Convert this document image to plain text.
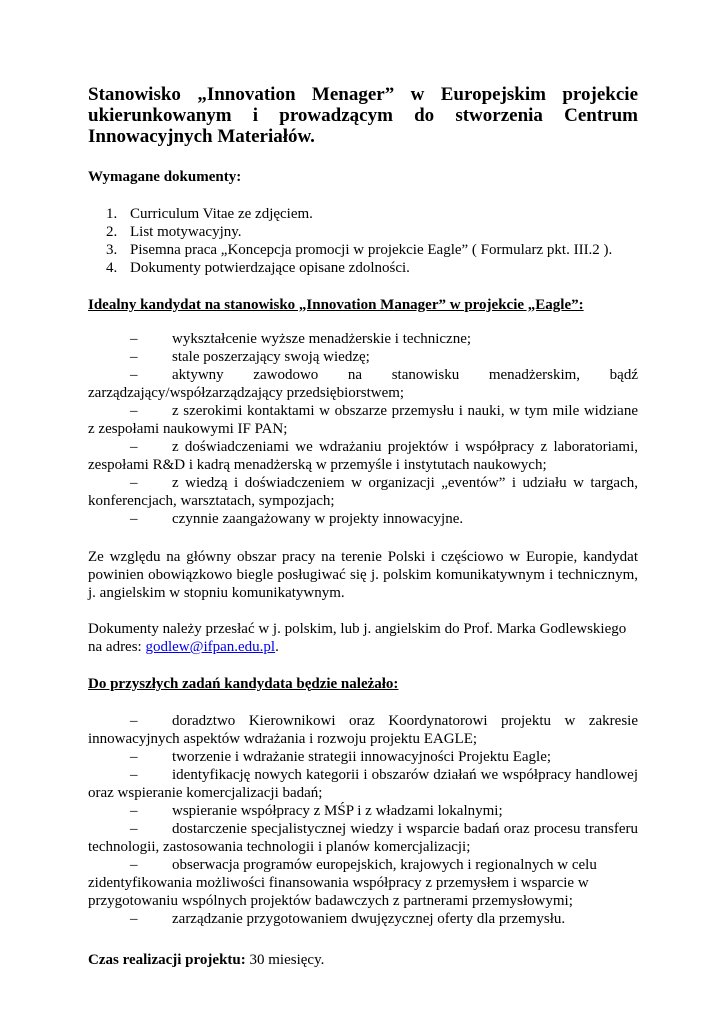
Stanowisko „Innovation Menager” w Europejskim projekcie ukierunkowanym i prowadzącym do stworzenia Centrum Innowacyjnych Materiałów.

Wymagane dokumenty:

1. Curriculum Vitae ze zdjęciem.
2. List motywacyjny.
3. Pisemna praca „Koncepcja promocji w projekcie Eagle” ( Formularz pkt. III.2 ).
4. Dokumenty potwierdzające opisane zdolności.

Idealny kandydat na stanowisko „Innovation Manager” w projekcie „Eagle”:

– wykształcenie wyższe menadżerskie i techniczne;
– stale poszerzający swoją wiedzę;
– aktywny zawodowo na stanowisku menadżerskim, bądź zarządzający/współzarządzający przedsiębiorstwem;
– z szerokimi kontaktami w obszarze przemysłu i nauki, w tym mile widziane z zespołami naukowymi IF PAN;
– z doświadczeniami we wdrażaniu projektów i współpracy z laboratoriami, zespołami R&D i kadrą menadżerską w przemyśle i instytutach naukowych;
– z wiedzą i doświadczeniem w organizacji „eventów” i udziału w targach, konferencjach, warsztatach, sympozjach;
– czynnie zaangażowany w projekty innowacyjne.

Ze względu na główny obszar pracy na terenie Polski i częściowo w Europie, kandydat powinien obowiązkowo biegle posługiwać się j. polskim komunikatywnym i technicznym, j. angielskim w stopniu komunikatywnym.

Dokumenty należy przesłać w j. polskim, lub j. angielskim do Prof. Marka Godlewskiego na adres: godlew@ifpan.edu.pl.

Do przyszłych zadań kandydata będzie należało:

– doradztwo Kierownikowi oraz Koordynatorowi projektu w zakresie innowacyjnych aspektów wdrażania i rozwoju projektu EAGLE;
– tworzenie i wdrażanie strategii innowacyjności Projektu Eagle;
– identyfikację nowych kategorii i obszarów działań we współpracy handlowej oraz wspieranie komercjalizacji badań;
– wspieranie współpracy z MŚP i z władzami lokalnymi;
– dostarczenie specjalistycznej wiedzy i wsparcie badań oraz procesu transferu technologii, zastosowania technologii i planów komercjalizacji;
– obserwacja programów europejskich, krajowych i regionalnych w celu zidentyfikowania możliwości finansowania współpracy z przemysłem i wsparcie w przygotowaniu wspólnych projektów badawczych z partnerami przemysłowymi;
– zarządzanie przygotowaniem dwujęzycznej oferty dla przemysłu.

Czas realizacji projektu: 30 miesięcy.
